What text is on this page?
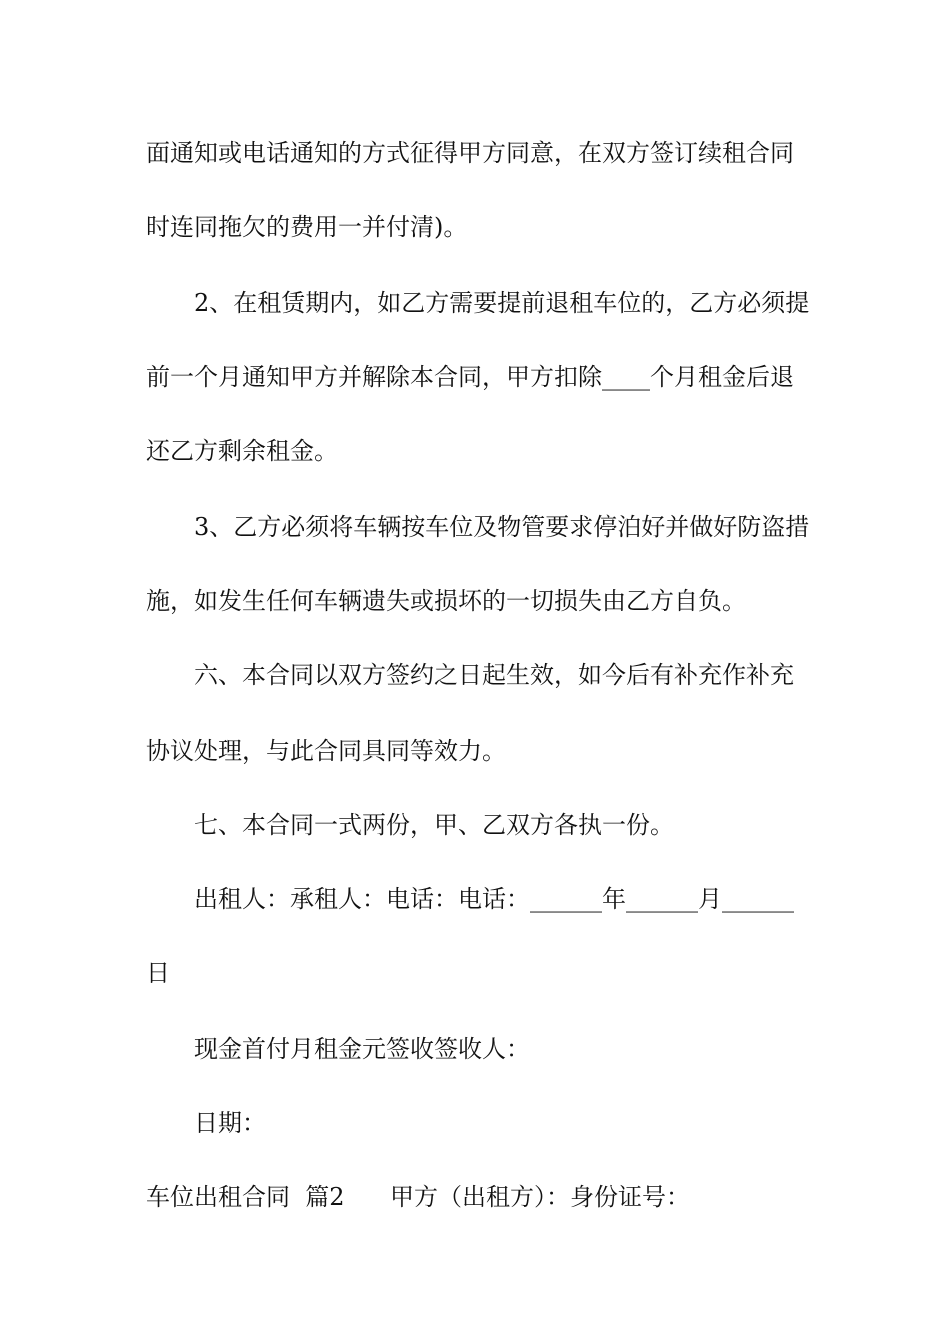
面通知或电话通知的方式征得甲方同意，在双方签订续租合同
时连同拖欠的费用一并付清)。
2、在租赁期内，如乙方需要提前退租车位的，乙方必须提
前一个月通知甲方并解除本合同，甲方扣除____个月租金后退
还乙方剩余租金。
3、乙方必须将车辆按车位及物管要求停泊好并做好防盗措
施，如发生任何车辆遗失或损坏的一切损失由乙方自负。
六、本合同以双方签约之日起生效，如今后有补充作补充
协议处理，与此合同具同等效力。
七、本合同一式两份，甲、乙双方各执一份。
出租人：承租人：电话：电话：______年______月______
日
现金首付月租金元签收签收人：
日期：
车位出租合同  篇2	甲方（出租方）：身份证号：
